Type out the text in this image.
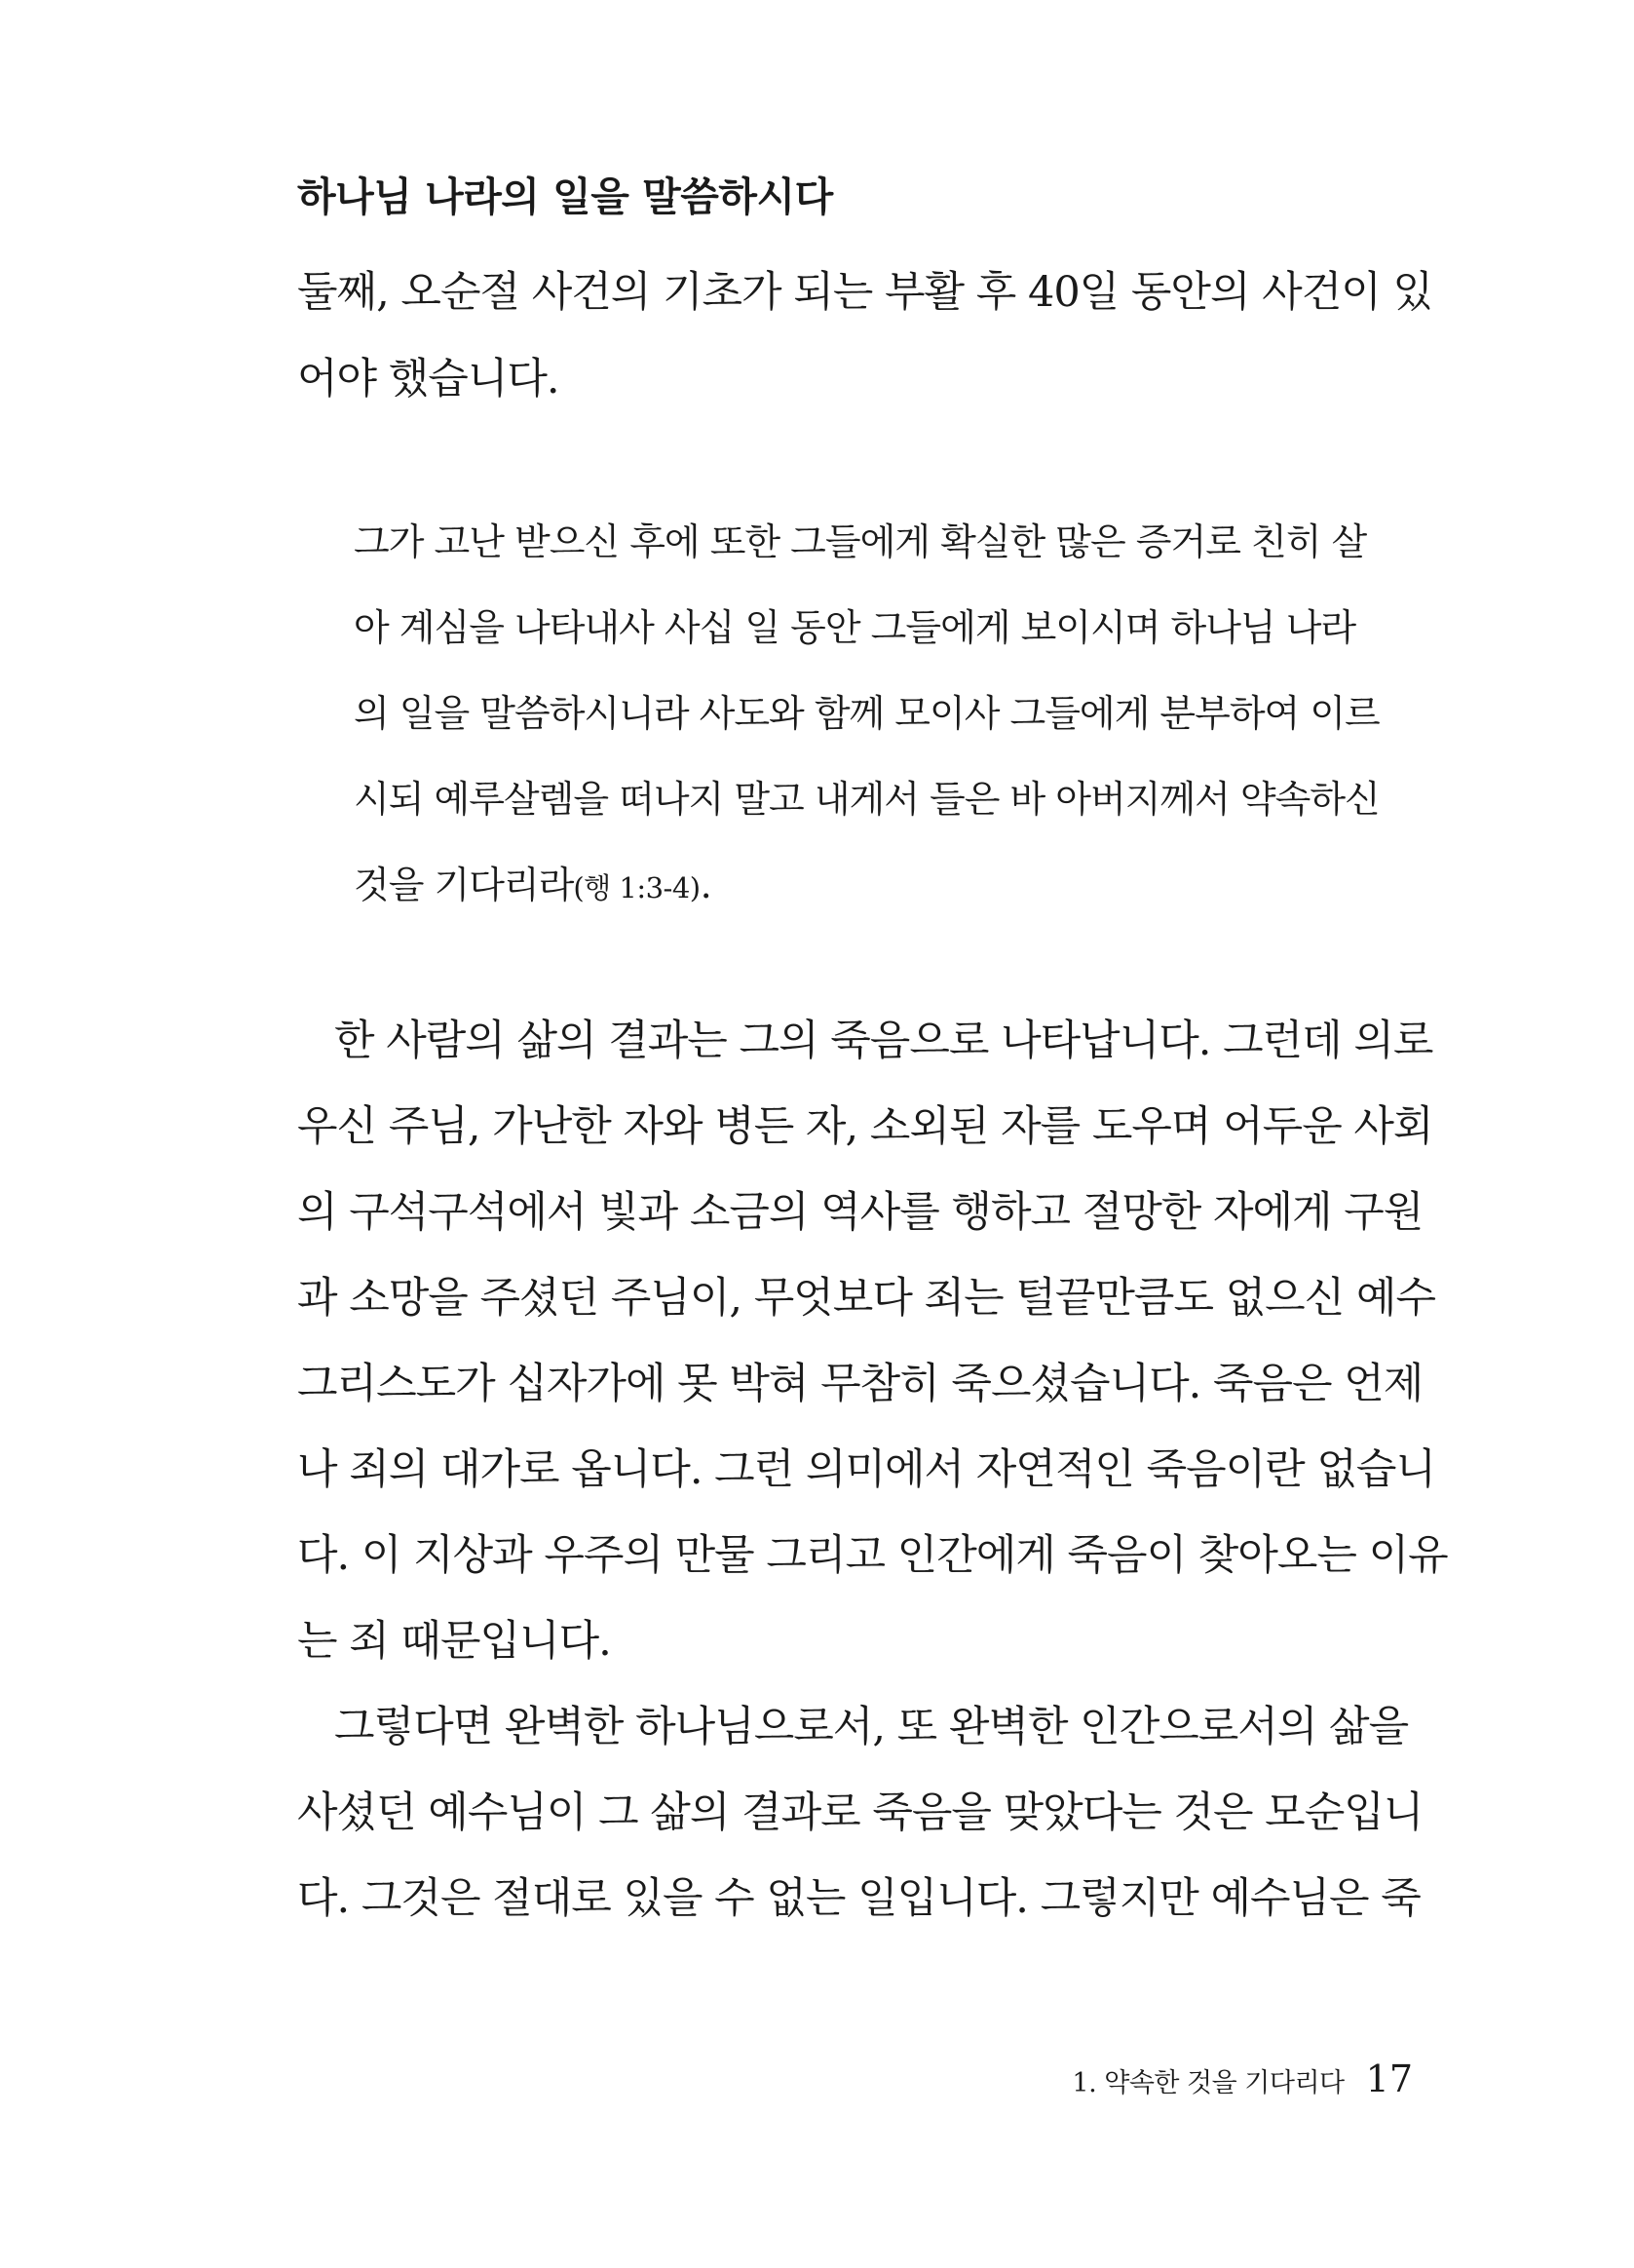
하나님 나라의 일을 말씀하시다
둘째, 오순절 사건의 기초가 되는 부활 후 40일 동안의 사건이 있
어야 했습니다.
그가 고난 받으신 후에 또한 그들에게 확실한 많은 증거로 친히 살
아 계심을 나타내사 사십 일 동안 그들에게 보이시며 하나님 나라
의 일을 말씀하시니라 사도와 함께 모이사 그들에게 분부하여 이르
시되 예루살렘을 떠나지 말고 내게서 들은 바 아버지께서 약속하신
것을 기다리라(행 1:3-4).
한 사람의 삶의 결과는 그의 죽음으로 나타납니다. 그런데 의로
우신 주님, 가난한 자와 병든 자, 소외된 자를 도우며 어두운 사회
의 구석구석에서 빛과 소금의 역사를 행하고 절망한 자에게 구원
과 소망을 주셨던 주님이, 무엇보다 죄는 털끝만큼도 없으신 예수
그리스도가 십자가에 못 박혀 무참히 죽으셨습니다. 죽음은 언제
나 죄의 대가로 옵니다. 그런 의미에서 자연적인 죽음이란 없습니
다. 이 지상과 우주의 만물 그리고 인간에게 죽음이 찾아오는 이유
는 죄 때문입니다.
그렇다면 완벽한 하나님으로서, 또 완벽한 인간으로서의 삶을
사셨던 예수님이 그 삶의 결과로 죽음을 맞았다는 것은 모순입니
다. 그것은 절대로 있을 수 없는 일입니다. 그렇지만 예수님은 죽
1. 약속한 것을 기다리다 17
